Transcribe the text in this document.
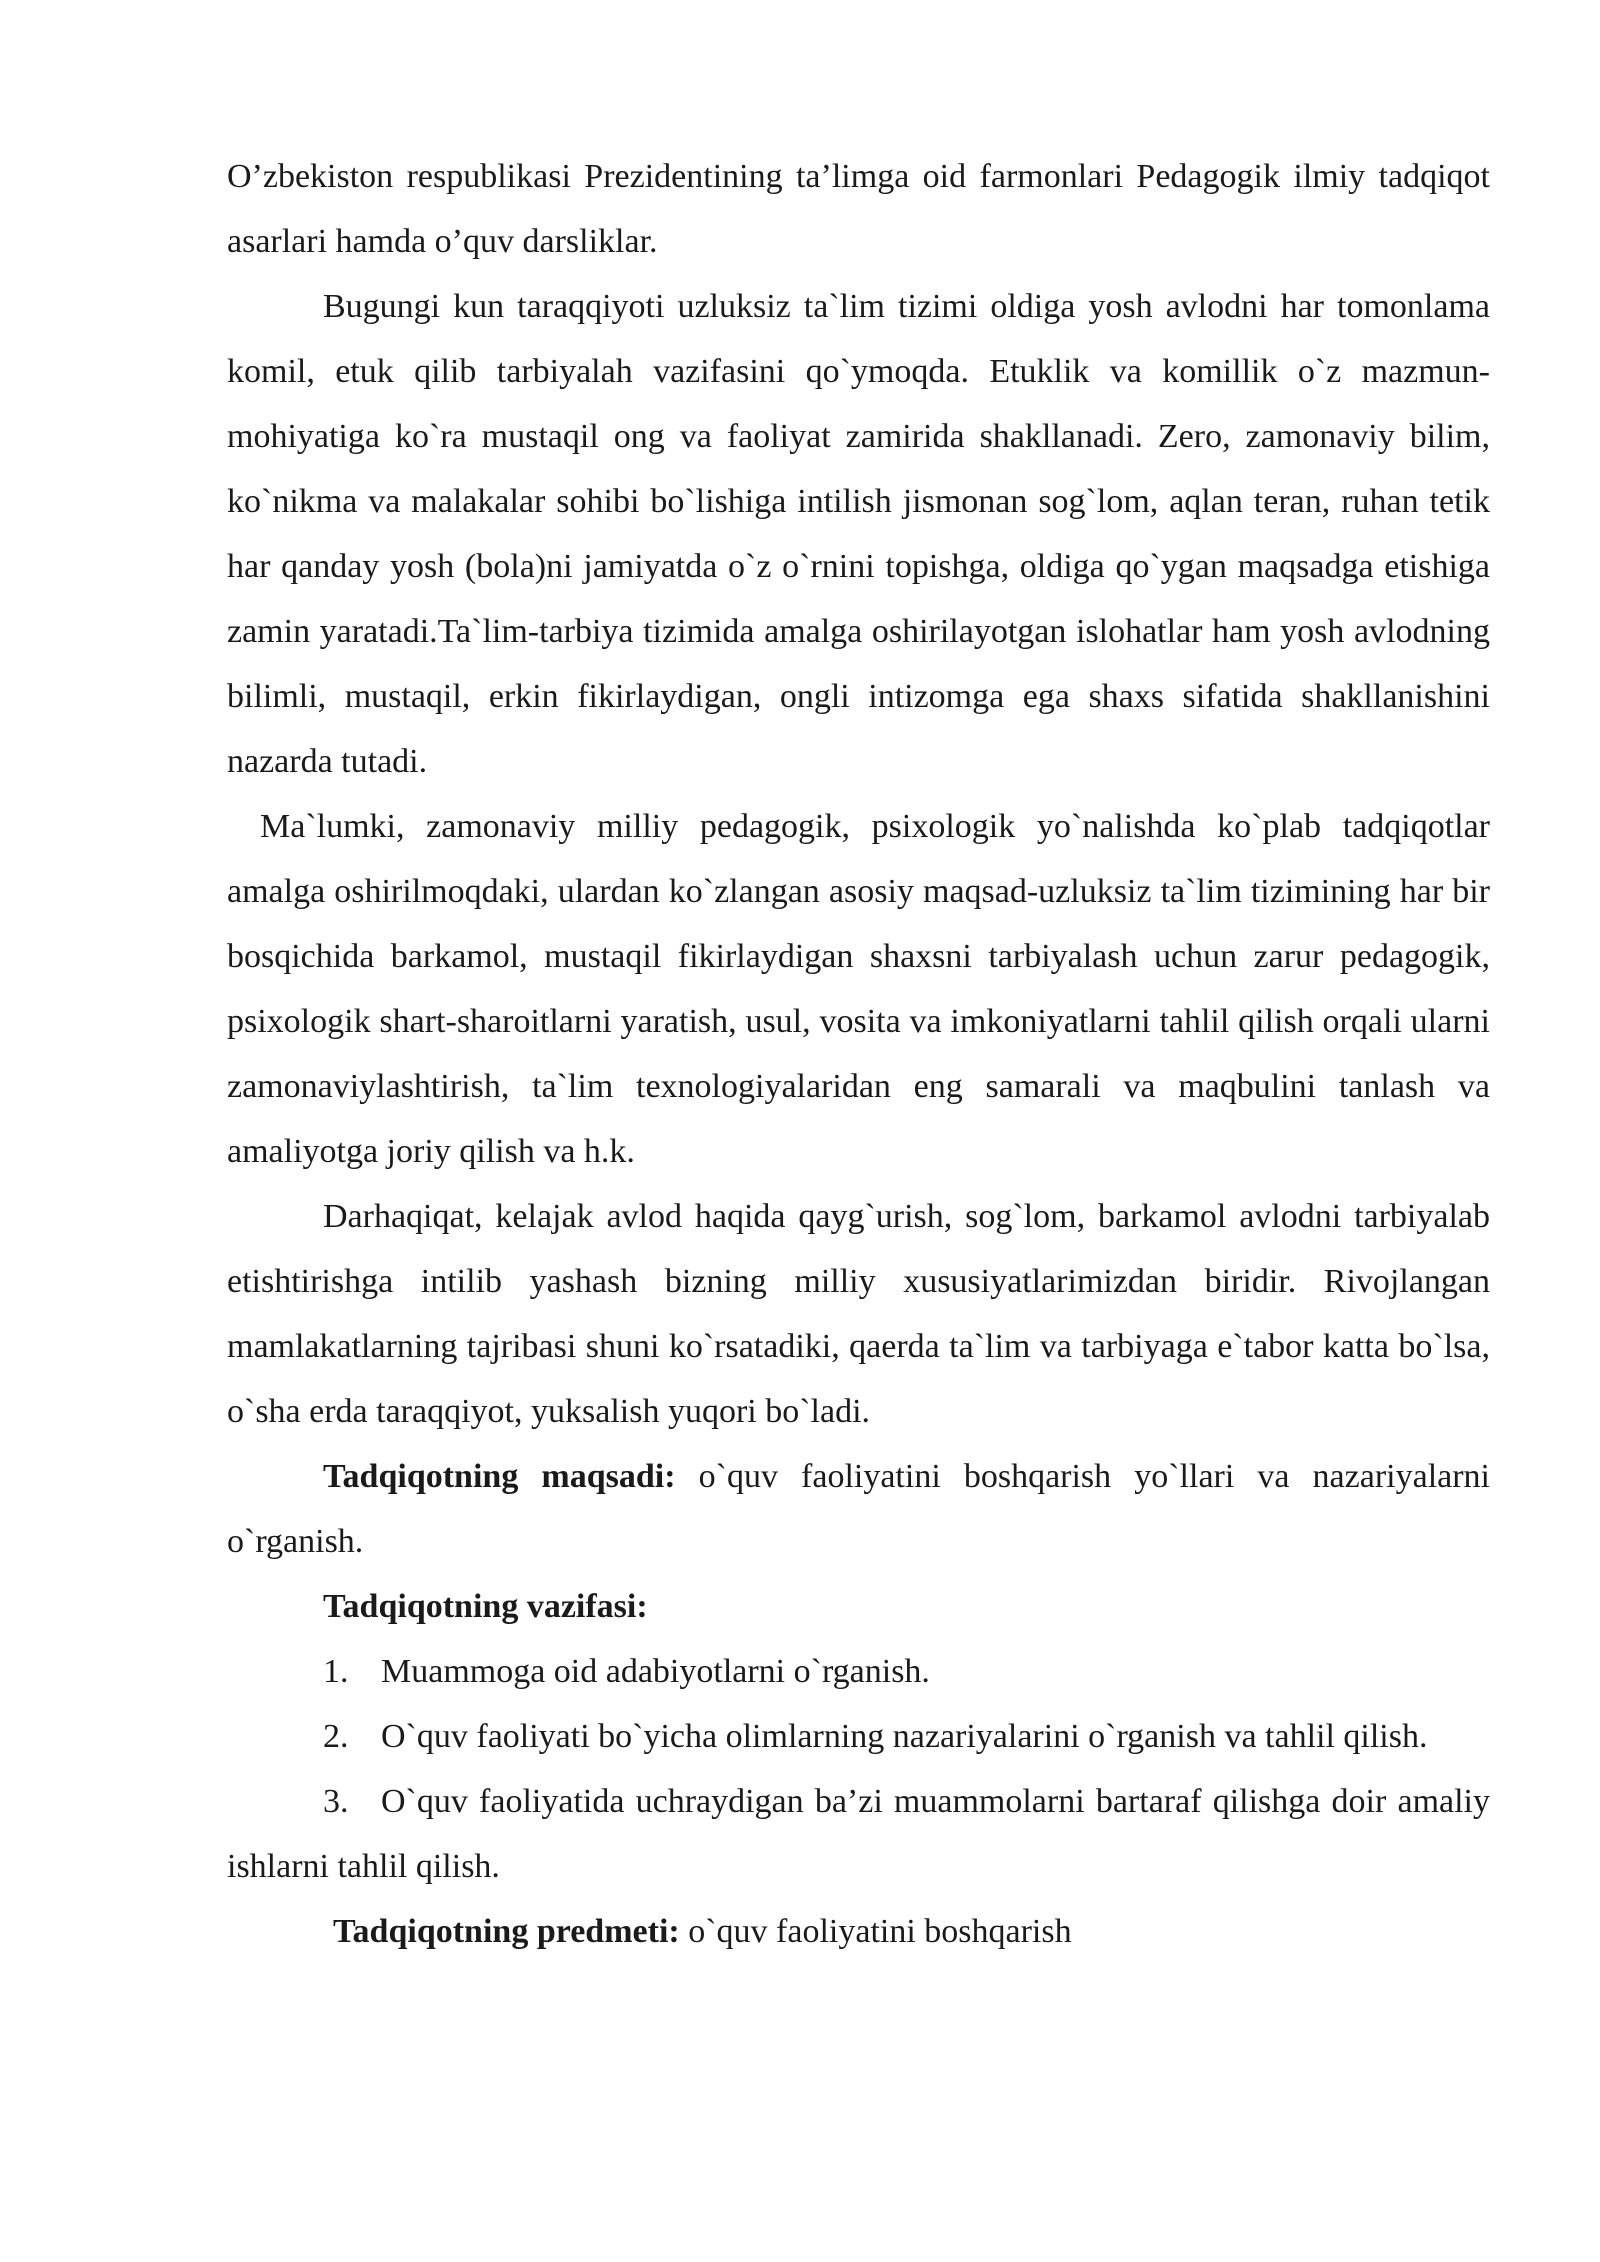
O’zbekiston respublikasi Prezidentining ta’limga oid farmonlari Pedagogik ilmiy tadqiqot asarlari hamda o’quv darsliklar.

Bugungi kun taraqqiyoti uzluksiz ta`lim tizimi oldiga yosh avlodni har tomonlama komil, etuk qilib tarbiyalah vazifasini qo`ymoqda. Etuklik va komillik o`z mazmun-mohiyatiga ko`ra mustaqil ong va faoliyat zamirida shakllanadi. Zero, zamonaviy bilim, ko`nikma va malakalar sohibi bo`lishiga intilish jismonan sog`lom, aqlan teran, ruhan tetik har qanday yosh (bola)ni jamiyatda o`z o`rnini topishga, oldiga qo`ygan maqsadga etishiga zamin yaratadi.Ta`lim-tarbiya tizimida amalga oshirilayotgan islohatlar ham yosh avlodning bilimli, mustaqil, erkin fikirlaydigan, ongli intizomga ega shaxs sifatida shakllanishini nazarda tutadi.

Ma`lumki, zamonaviy milliy pedagogik, psixologik yo`nalishda ko`plab tadqiqotlar amalga oshirilmoqdaki, ulardan ko`zlangan asosiy maqsad-uzluksiz ta`lim tizimining har bir bosqichida barkamol, mustaqil fikirlaydigan shaxsni tarbiyalash uchun zarur pedagogik, psixologik shart-sharoitlarni yaratish, usul, vosita va imkoniyatlarni tahlil qilish orqali ularni zamonaviylashtirish, ta`lim texnologiyalaridan eng samarali va maqbulini tanlash va amaliyotga joriy qilish va h.k.

Darhaqiqat, kelajak avlod haqida qayg`urish, sog`lom, barkamol avlodni tarbiyalab etishtirishga intilib yashash bizning milliy xususiyatlarimizdan biridir. Rivojlangan mamlakatlarning tajribasi shuni ko`rsatadiki, qaerda ta`lim va tarbiyaga e`tabor katta bo`lsa, o`sha erda taraqqiyot, yuksalish yuqori bo`ladi.

Tadqiqotning maqsadi: o`quv faoliyatini boshqarish yo`llari va nazariyalarni o`rganish.

Tadqiqotning vazifasi:

1. Muammoga oid adabiyotlarni o`rganish.

2. O`quv faoliyati bo`yicha olimlarning nazariyalarini o`rganish va tahlil qilish.

3. O`quv faoliyatida uchraydigan ba’zi muammolarni bartaraf qilishga doir amaliy ishlarni tahlil qilish.

Tadqiqotning predmeti: o`quv faoliyatini boshqarish
